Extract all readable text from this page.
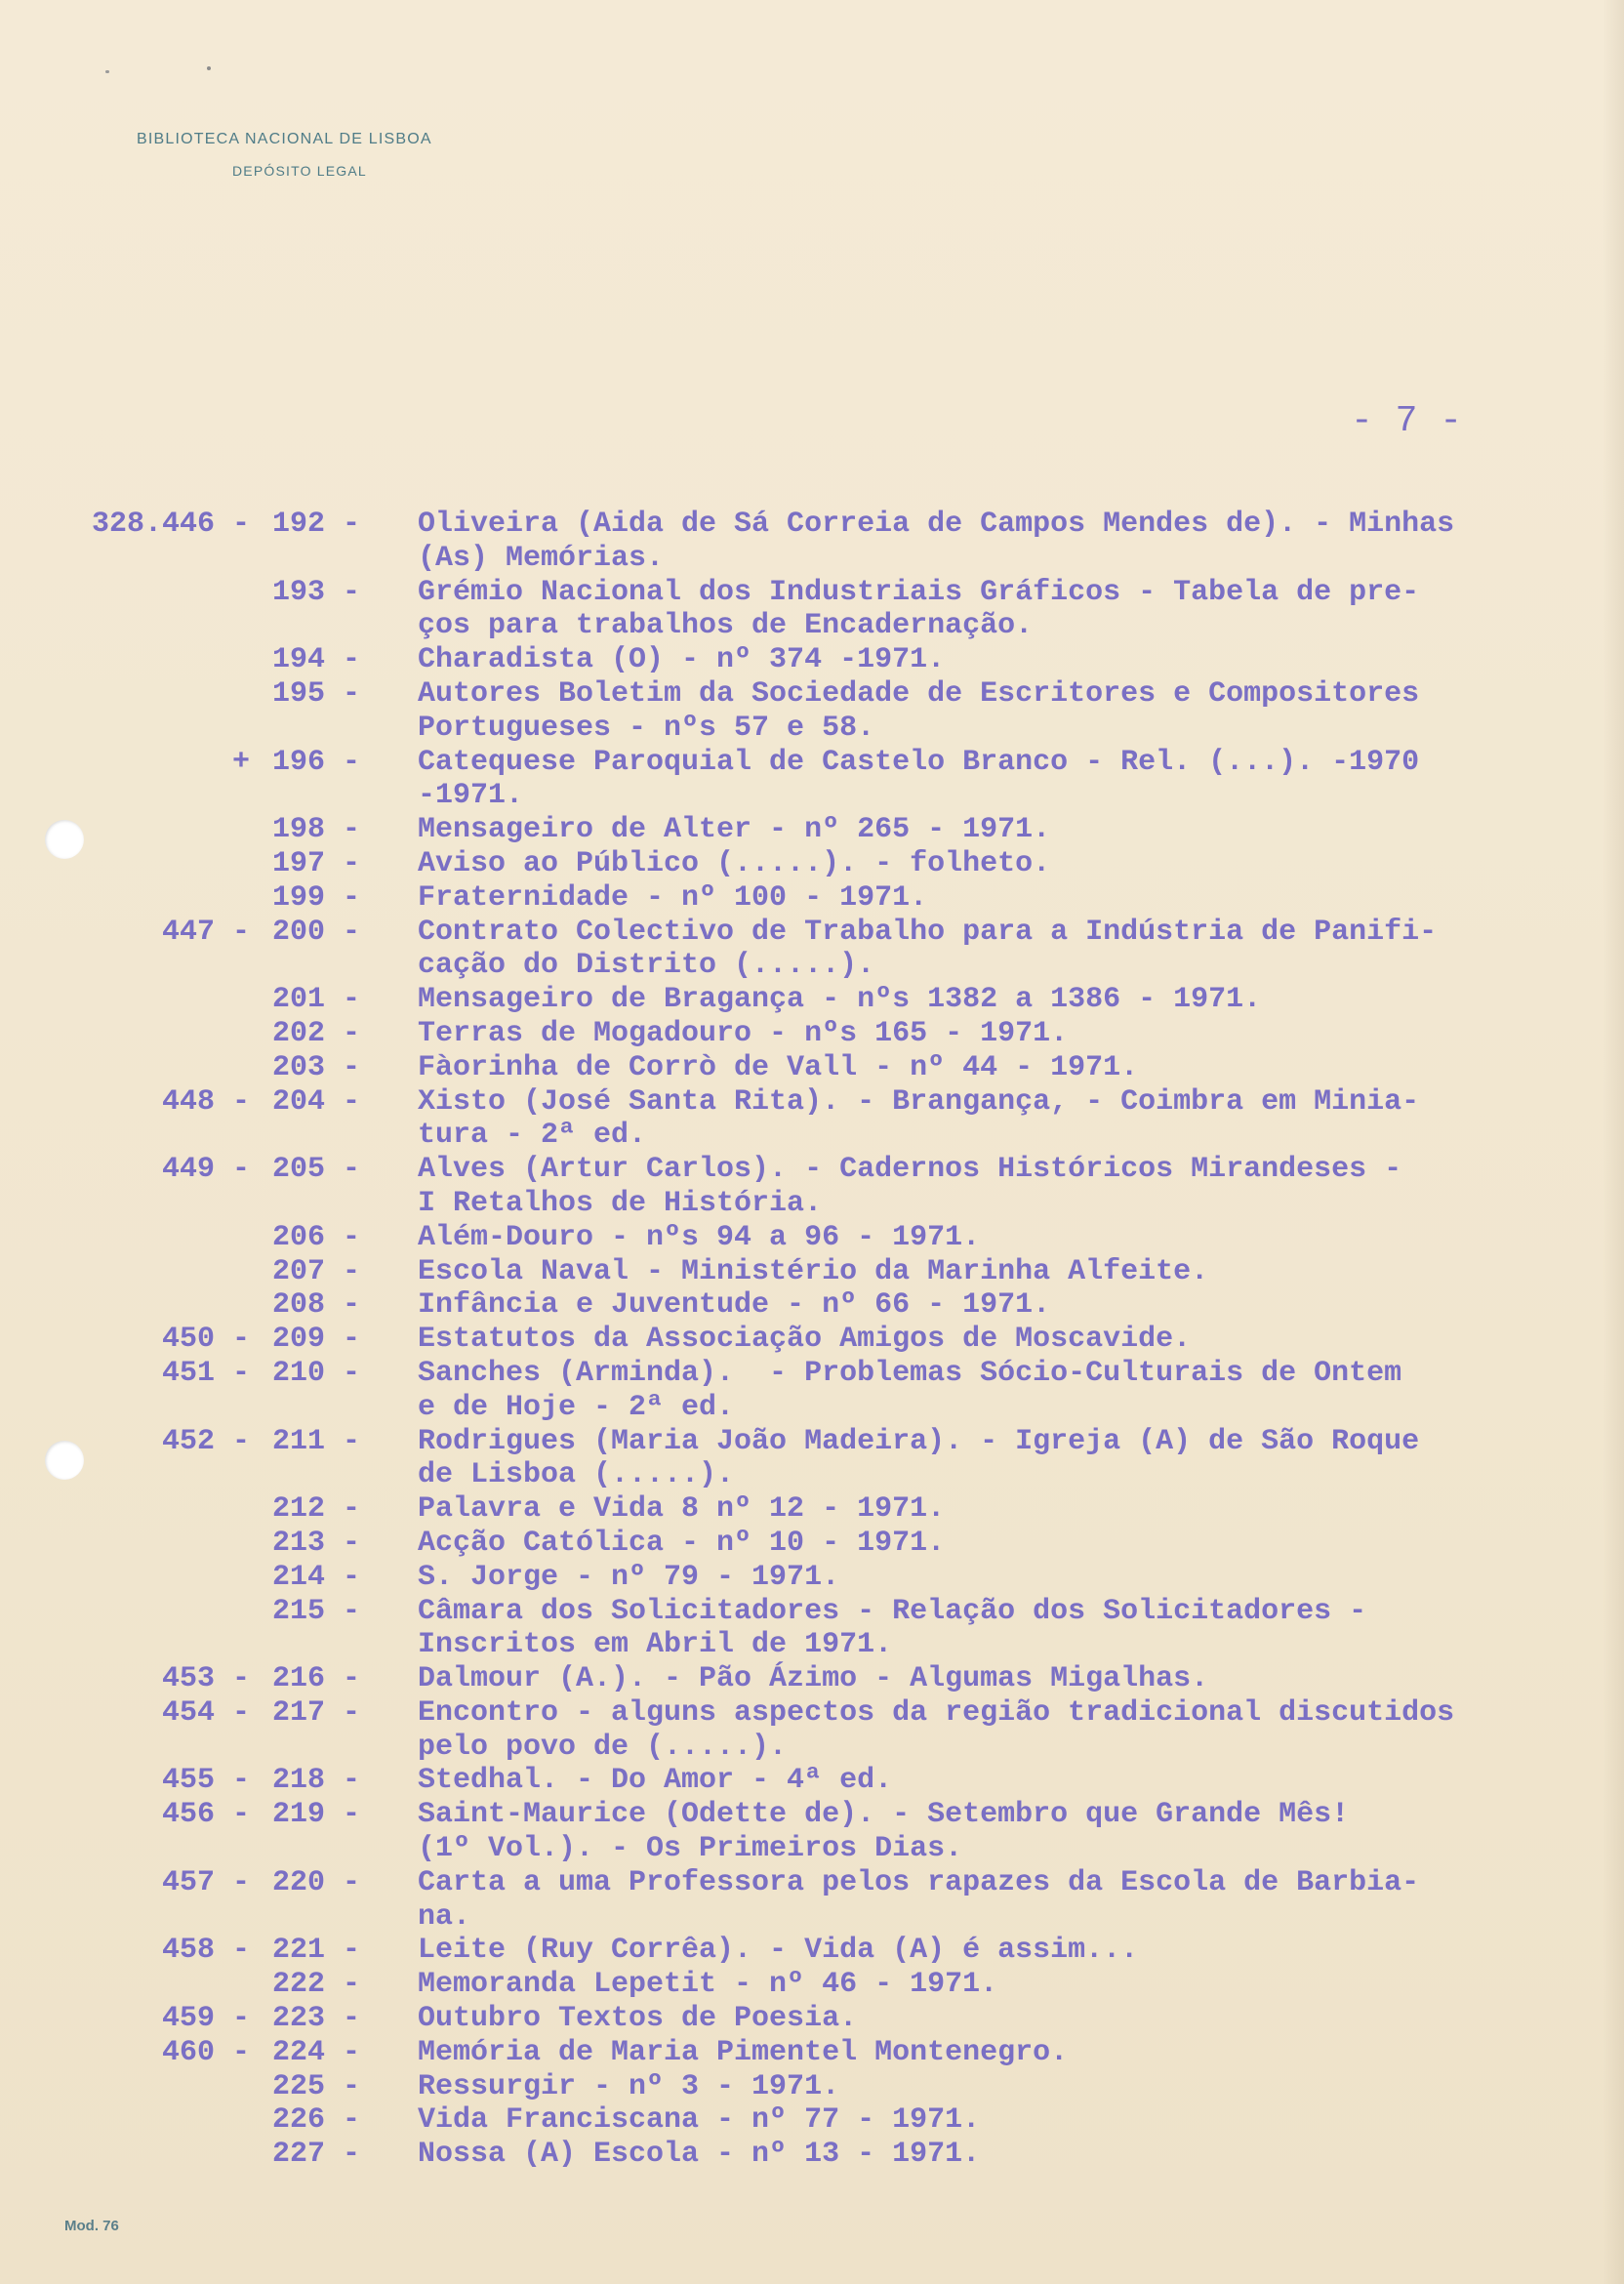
BIBLIOTECA NACIONAL DE LISBOA
DEPÓSITO LEGAL
- 7 -
328.446 - 192 - Oliveira (Aida de Sá Correia de Campos Mendes de). - Minhas
(As) Memórias.
193 - Grémio Nacional dos Industriais Gráficos - Tabela de pre-
ços para trabalhos de Encadernação.
194 - Charadista (O) - nº 374 -1971.
195 - Autores Boletim da Sociedade de Escritores e Compositores
Portugueses - nºs 57 e 58.
+ 196 - Catequese Paroquial de Castelo Branco - Rel. (...). -1970
-1971.
198 - Mensageiro de Alter - nº 265 - 1971.
197 - Aviso ao Público (.....). - folheto.
199 - Fraternidade - nº 100 - 1971.
447 - 200 - Contrato Colectivo de Trabalho para a Indústria de Panifi-
cação do Distrito (.....).
201 - Mensageiro de Bragança - nºs 1382 a 1386 - 1971.
202 - Terras de Mogadouro - nºs 165 - 1971.
203 - Fàorinha de Corrò de Vall - nº 44 - 1971.
448 - 204 - Xisto (José Santa Rita). - Brangança, - Coimbra em Minia-
tura - 2ª ed.
449 - 205 - Alves (Artur Carlos). - Cadernos Históricos Mirandeses -
I Retalhos de História.
206 - Além-Douro - nºs 94 a 96 - 1971.
207 - Escola Naval - Ministério da Marinha Alfeite.
208 - Infância e Juventude - nº 66 - 1971.
450 - 209 - Estatutos da Associação Amigos de Moscavide.
451 - 210 - Sanches (Arminda).  - Problemas Sócio-Culturais de Ontem
e de Hoje - 2ª ed.
452 - 211 - Rodrigues (Maria João Madeira). - Igreja (A) de São Roque
de Lisboa (.....).
212 - Palavra e Vida 8 nº 12 - 1971.
213 - Acção Católica - nº 10 - 1971.
214 - S. Jorge - nº 79 - 1971.
215 - Câmara dos Solicitadores - Relação dos Solicitadores -
Inscritos em Abril de 1971.
453 - 216 - Dalmour (A.). - Pão Ázimo - Algumas Migalhas.
454 - 217 - Encontro - alguns aspectos da região tradicional discutidos
pelo povo de (.....).
455 - 218 - Stedhal. - Do Amor - 4ª ed.
456 - 219 - Saint-Maurice (Odette de). - Setembro que Grande Mês!
(1º Vol.). - Os Primeiros Dias.
457 - 220 - Carta a uma Professora pelos rapazes da Escola de Barbia-
na.
458 - 221 - Leite (Ruy Corrêa). - Vida (A) é assim...
222 - Memoranda Lepetit - nº 46 - 1971.
459 - 223 - Outubro Textos de Poesia.
460 - 224 - Memória de Maria Pimentel Montenegro.
225 - Ressurgir - nº 3 - 1971.
226 - Vida Franciscana - nº 77 - 1971.
227 - Nossa (A) Escola - nº 13 - 1971.
Mod. 76
